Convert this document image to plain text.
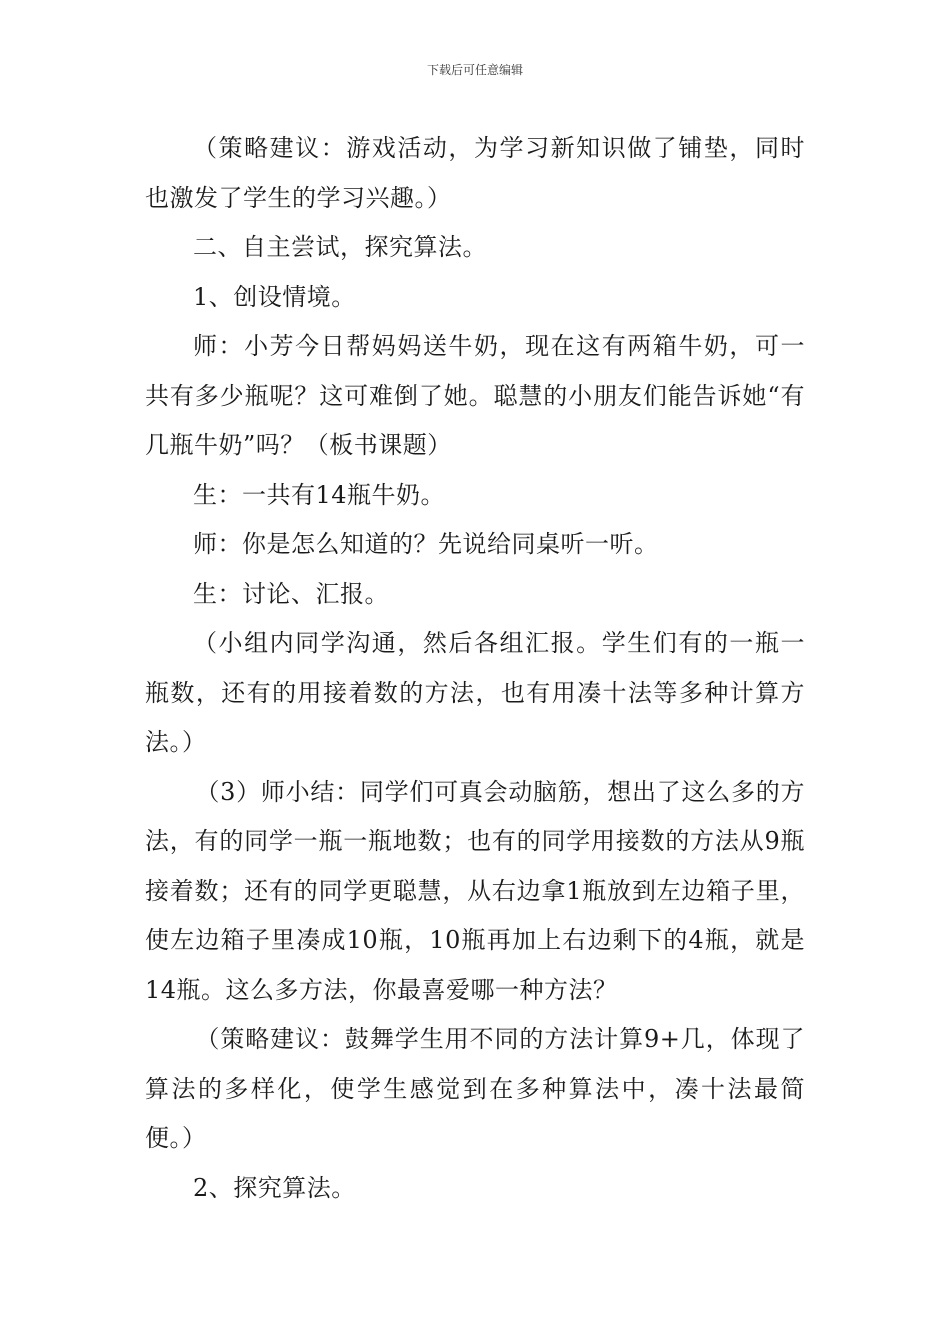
下载后可任意编辑

（策略建议：游戏活动，为学习新知识做了铺垫，同时也激发了学生的学习兴趣。）

二、自主尝试，探究算法。

1、创设情境。

师：小芳今日帮妈妈送牛奶，现在这有两箱牛奶，可一共有多少瓶呢？这可难倒了她。聪慧的小朋友们能告诉她“有几瓶牛奶”吗？（板书课题）

生：一共有14瓶牛奶。

师：你是怎么知道的？先说给同桌听一听。

生：讨论、汇报。

（小组内同学沟通，然后各组汇报。学生们有的一瓶一瓶数，还有的用接着数的方法，也有用凑十法等多种计算方法。）

（3）师小结：同学们可真会动脑筋，想出了这么多的方法，有的同学一瓶一瓶地数；也有的同学用接数的方法从9瓶接着数；还有的同学更聪慧，从右边拿1瓶放到左边箱子里，使左边箱子里凑成10瓶，10瓶再加上右边剩下的4瓶，就是14瓶。这么多方法，你最喜爱哪一种方法？

（策略建议：鼓舞学生用不同的方法计算9+几，体现了算法的多样化，使学生感觉到在多种算法中，凑十法最简便。）

2、探究算法。
